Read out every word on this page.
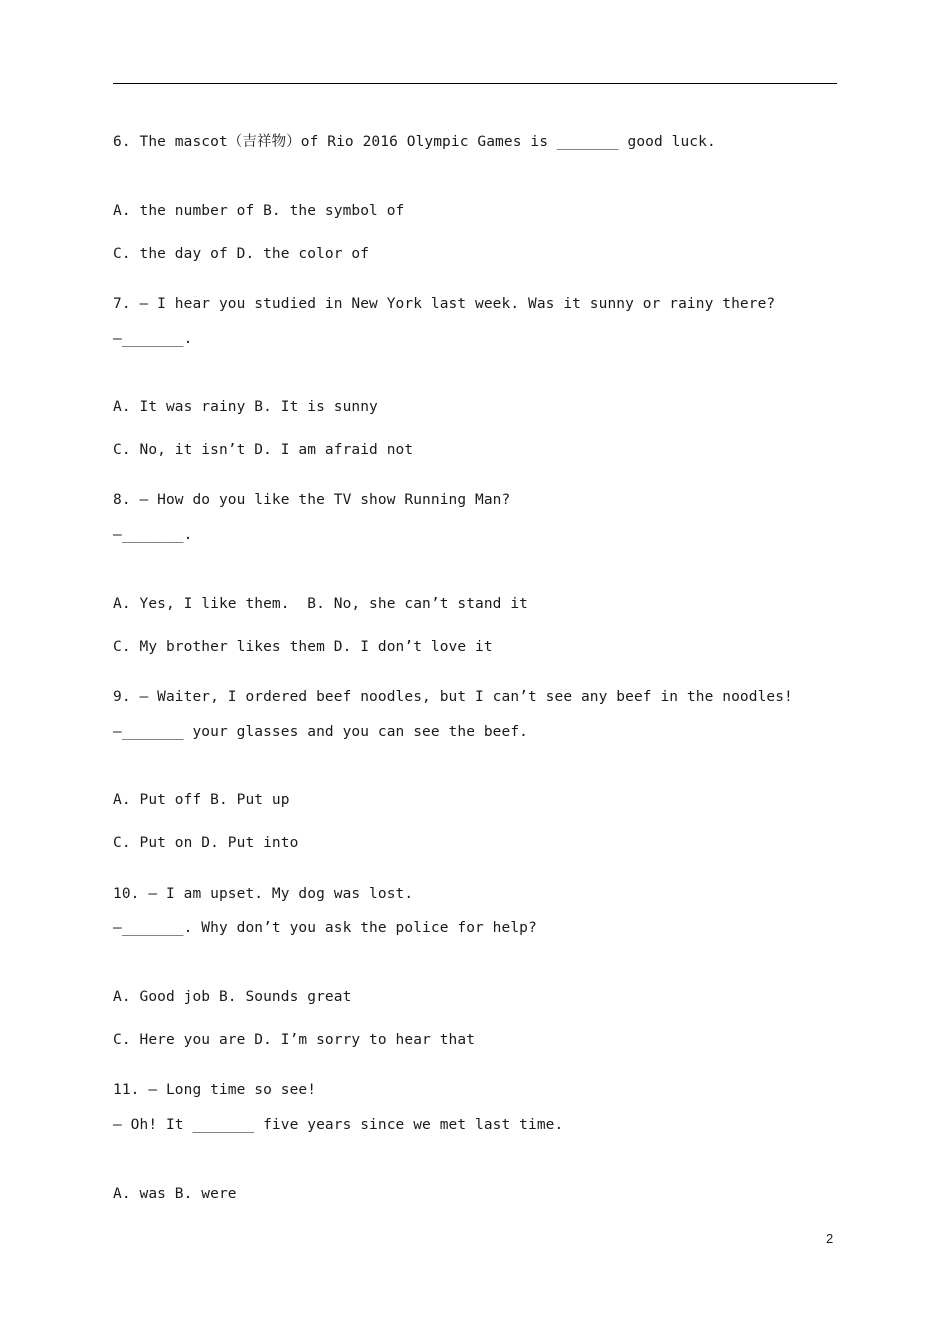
6. The mascot（吉祥物）of Rio 2016 Olympic Games is _______ good luck.
A. the number of B. the symbol of
C. the day of D. the color of
7. — I hear you studied in New York last week. Was it sunny or rainy there?
—_______.
A. It was rainy B. It is sunny
C. No, it isn’t D. I am afraid not
8. — How do you like the TV show Running Man?
—_______.
A. Yes, I like them.  B. No, she can’t stand it
C. My brother likes them D. I don’t love it
9. — Waiter, I ordered beef noodles, but I can’t see any beef in the noodles!
—_______ your glasses and you can see the beef.
A. Put off B. Put up
C. Put on D. Put into
10. — I am upset. My dog was lost.
—_______. Why don’t you ask the police for help?
A. Good job B. Sounds great
C. Here you are D. I’m sorry to hear that
11. — Long time so see!
— Oh! It _______ five years since we met last time.
A. was B. were
2
